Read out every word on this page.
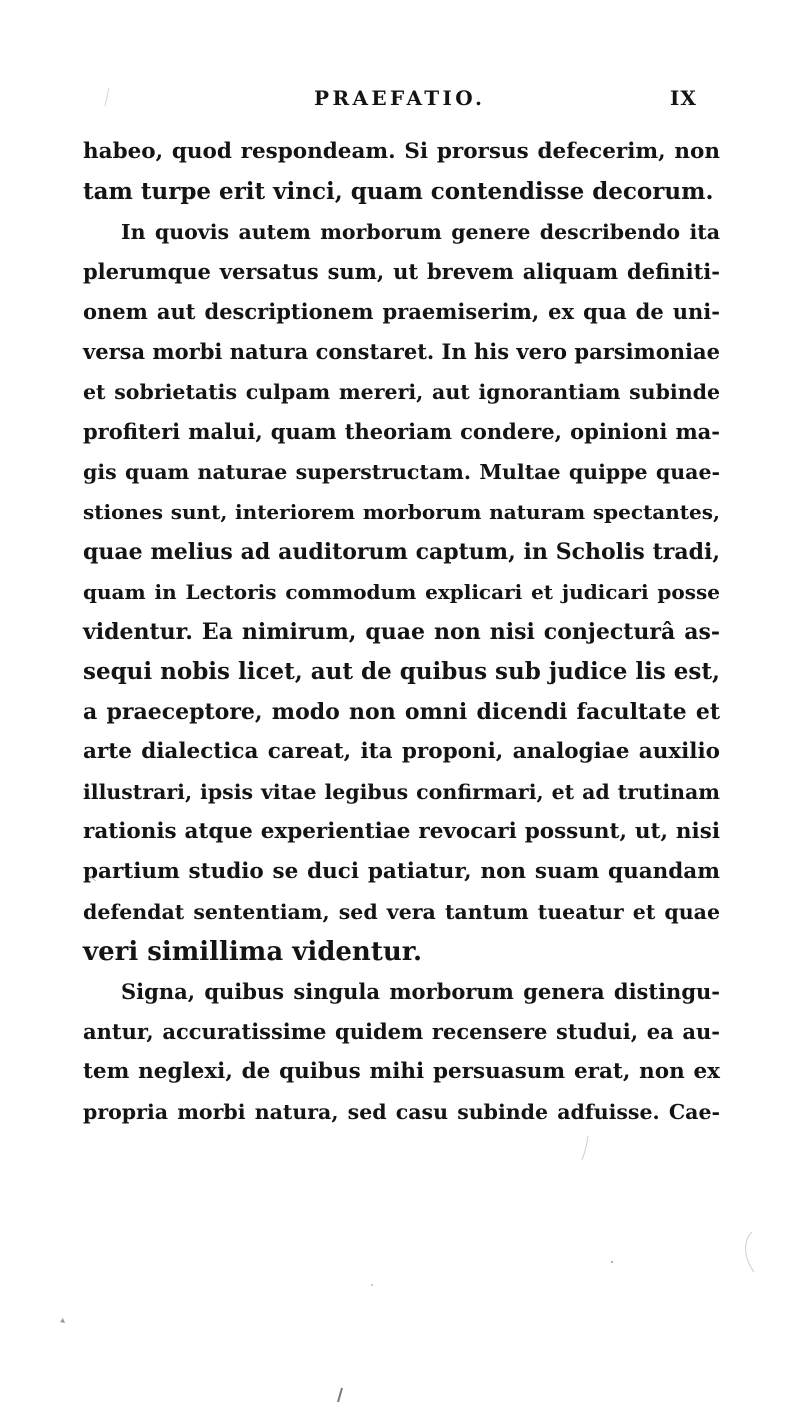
PRAEFATIO.	IX
habeo, quod respondeam. Si prorsus defecerim, non
tam turpe erit vinci, quam contendisse decorum.
In quovis autem morborum genere describendo ita
plerumque versatus sum, ut brevem aliquam definiti-
onem aut descriptionem praemiserim, ex qua de uni-
versa morbi natura constaret. In his vero parsimoniae
et sobrietatis culpam mereri, aut ignorantiam subinde
profiteri malui, quam theoriam condere, opinioni ma-
gis quam naturae superstructam. Multae quippe quae-
stiones sunt, interiorem morborum naturam spectantes,
quae melius ad auditorum captum, in Scholis tradi,
quam in Lectoris commodum explicari et judicari posse
videntur. Ea nimirum, quae non nisi conjecturâ as-
sequi nobis licet, aut de quibus sub judice lis est,
a praeceptore, modo non omni dicendi facultate et
arte dialectica careat, ita proponi, analogiae auxilio
illustrari, ipsis vitae legibus confirmari, et ad trutinam
rationis atque experientiae revocari possunt, ut, nisi
partium studio se duci patiatur, non suam quandam
defendat sententiam, sed vera tantum tueatur et quae
veri simillima videntur.
Signa, quibus singula morborum genera distingu-
antur, accuratissime quidem recensere studui, ea au-
tem neglexi, de quibus mihi persuasum erat, non ex
propria morbi natura, sed casu subinde adfuisse. Cae-
